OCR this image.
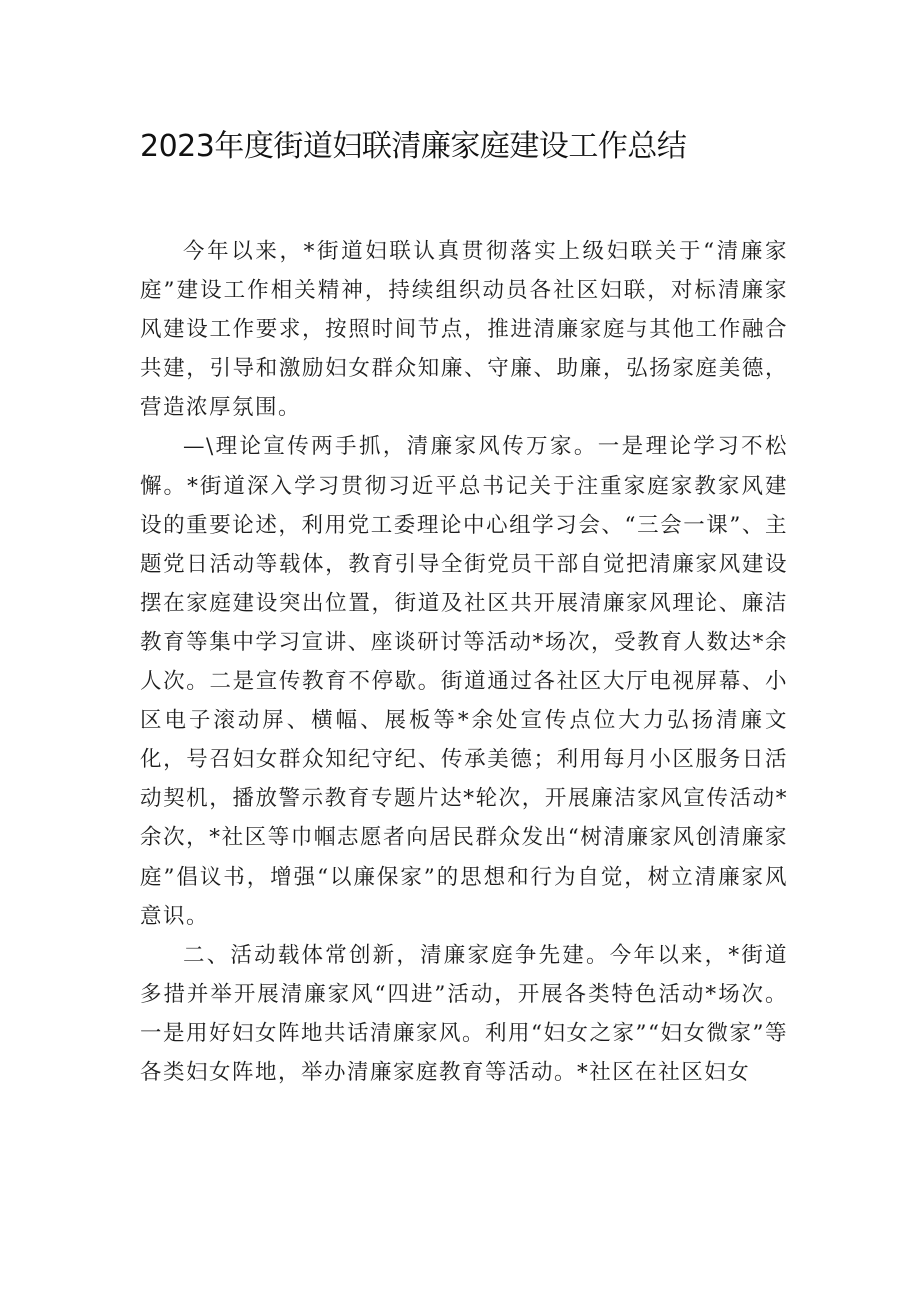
2023年度街道妇联清廉家庭建设工作总结

今年以来，*街道妇联认真贯彻落实上级妇联关于“清廉家庭”建设工作相关精神，持续组织动员各社区妇联，对标清廉家风建设工作要求，按照时间节点，推进清廉家庭与其他工作融合共建，引导和激励妇女群众知廉、守廉、助廉，弘扬家庭美德，营造浓厚氛围。

—\理论宣传两手抓，清廉家风传万家。一是理论学习不松懈。*街道深入学习贯彻习近平总书记关于注重家庭家教家风建设的重要论述，利用党工委理论中心组学习会、“三会一课”、主题党日活动等载体，教育引导全街党员干部自觉把清廉家风建设摆在家庭建设突出位置，街道及社区共开展清廉家风理论、廉洁教育等集中学习宣讲、座谈研讨等活动*场次，受教育人数达*余人次。二是宣传教育不停歇。街道通过各社区大厅电视屏幕、小区电子滚动屏、横幅、展板等*余处宣传点位大力弘扬清廉文化，号召妇女群众知纪守纪、传承美德；利用每月小区服务日活动契机，播放警示教育专题片达*轮次，开展廉洁家风宣传活动*余次，*社区等巾帼志愿者向居民群众发出“树清廉家风创清廉家庭”倡议书，增强“以廉保家”的思想和行为自觉，树立清廉家风意识。

二、活动载体常创新，清廉家庭争先建。今年以来，*街道多措并举开展清廉家风“四进”活动，开展各类特色活动*场次。一是用好妇女阵地共话清廉家风。利用“妇女之家”“妇女微家”等各类妇女阵地，举办清廉家庭教育等活动。*社区在社区妇女
